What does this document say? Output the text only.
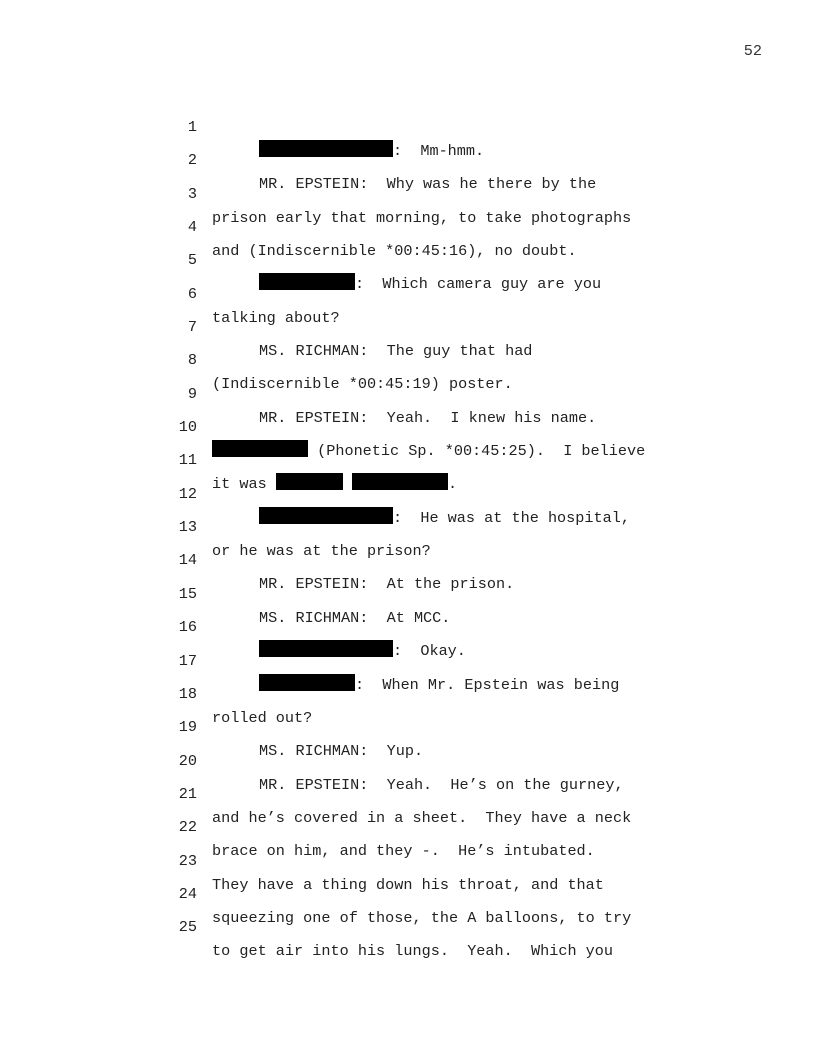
52

1

:  Mm-hmm.

2

MR. EPSTEIN:  Why was he there by the

3

prison early that morning, to take photographs

4

and (Indiscernible *00:45:16), no doubt.

5

:  Which camera guy are you

6

talking about?

7

MS. RICHMAN:  The guy that had

8

(Indiscernible *00:45:19) poster.

9

MR. EPSTEIN:  Yeah.  I knew his name.

10

(Phonetic Sp. *00:45:25).  I believe

11

it was	.

12

:  He was at the hospital,

13

or he was at the prison?

14

MR. EPSTEIN:  At the prison.

15

MS. RICHMAN:  At MCC.

16

:  Okay.

17

:  When Mr. Epstein was being

18

rolled out?

19

MS. RICHMAN:  Yup.

20

MR. EPSTEIN:  Yeah.  He’s on the gurney,

21

and he’s covered in a sheet.  They have a neck

22

brace on him, and they -.  He’s intubated.

23

They have a thing down his throat, and that

24

squeezing one of those, the A balloons, to try

25

to get air into his lungs.  Yeah.  Which you
